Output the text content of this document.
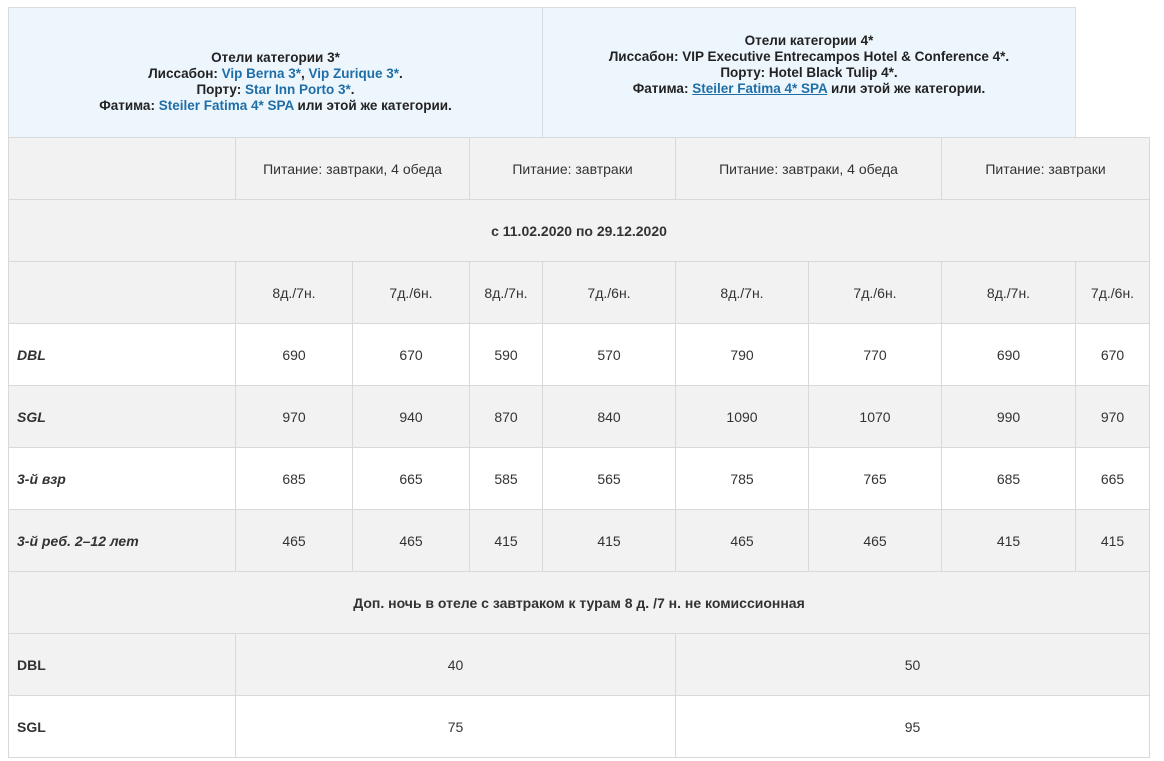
Отели категории 3*
Лиссабон: Vip Berna 3*, Vip Zurique 3*.
Порту: Star Inn Porto 3*.
Фатима: Steiler Fatima 4* SPA или этой же категории.
Отели категории 4*
Лиссабон: VIP Executive Entrecampos Hotel & Conference 4*.
Порту: Hotel Black Tulip 4*.
Фатима: Steiler Fatima 4* SPA или этой же категории.
	Питание: завтраки, 4 обеда		Питание: завтраки		Питание: завтраки, 4 обеда		Питание: завтраки	
с 11.02.2020 по 29.12.2020								
	8д./7н.	7д./6н.	8д./7н.	7д./6н.	8д./7н.	7д./6н.	8д./7н.	7д./6н.
DBL	690	670	590	570	790	770	690	670
SGL	970	940	870	840	1090	1070	990	970
3-й взр	685	665	585	565	785	765	685	665
3-й реб. 2–12 лет	465	465	415	415	465	465	415	415
Доп. ночь в отеле с завтраком к турам 8 д. /7 н. не комиссионная								
DBL	40				50			
SGL	75				95			
